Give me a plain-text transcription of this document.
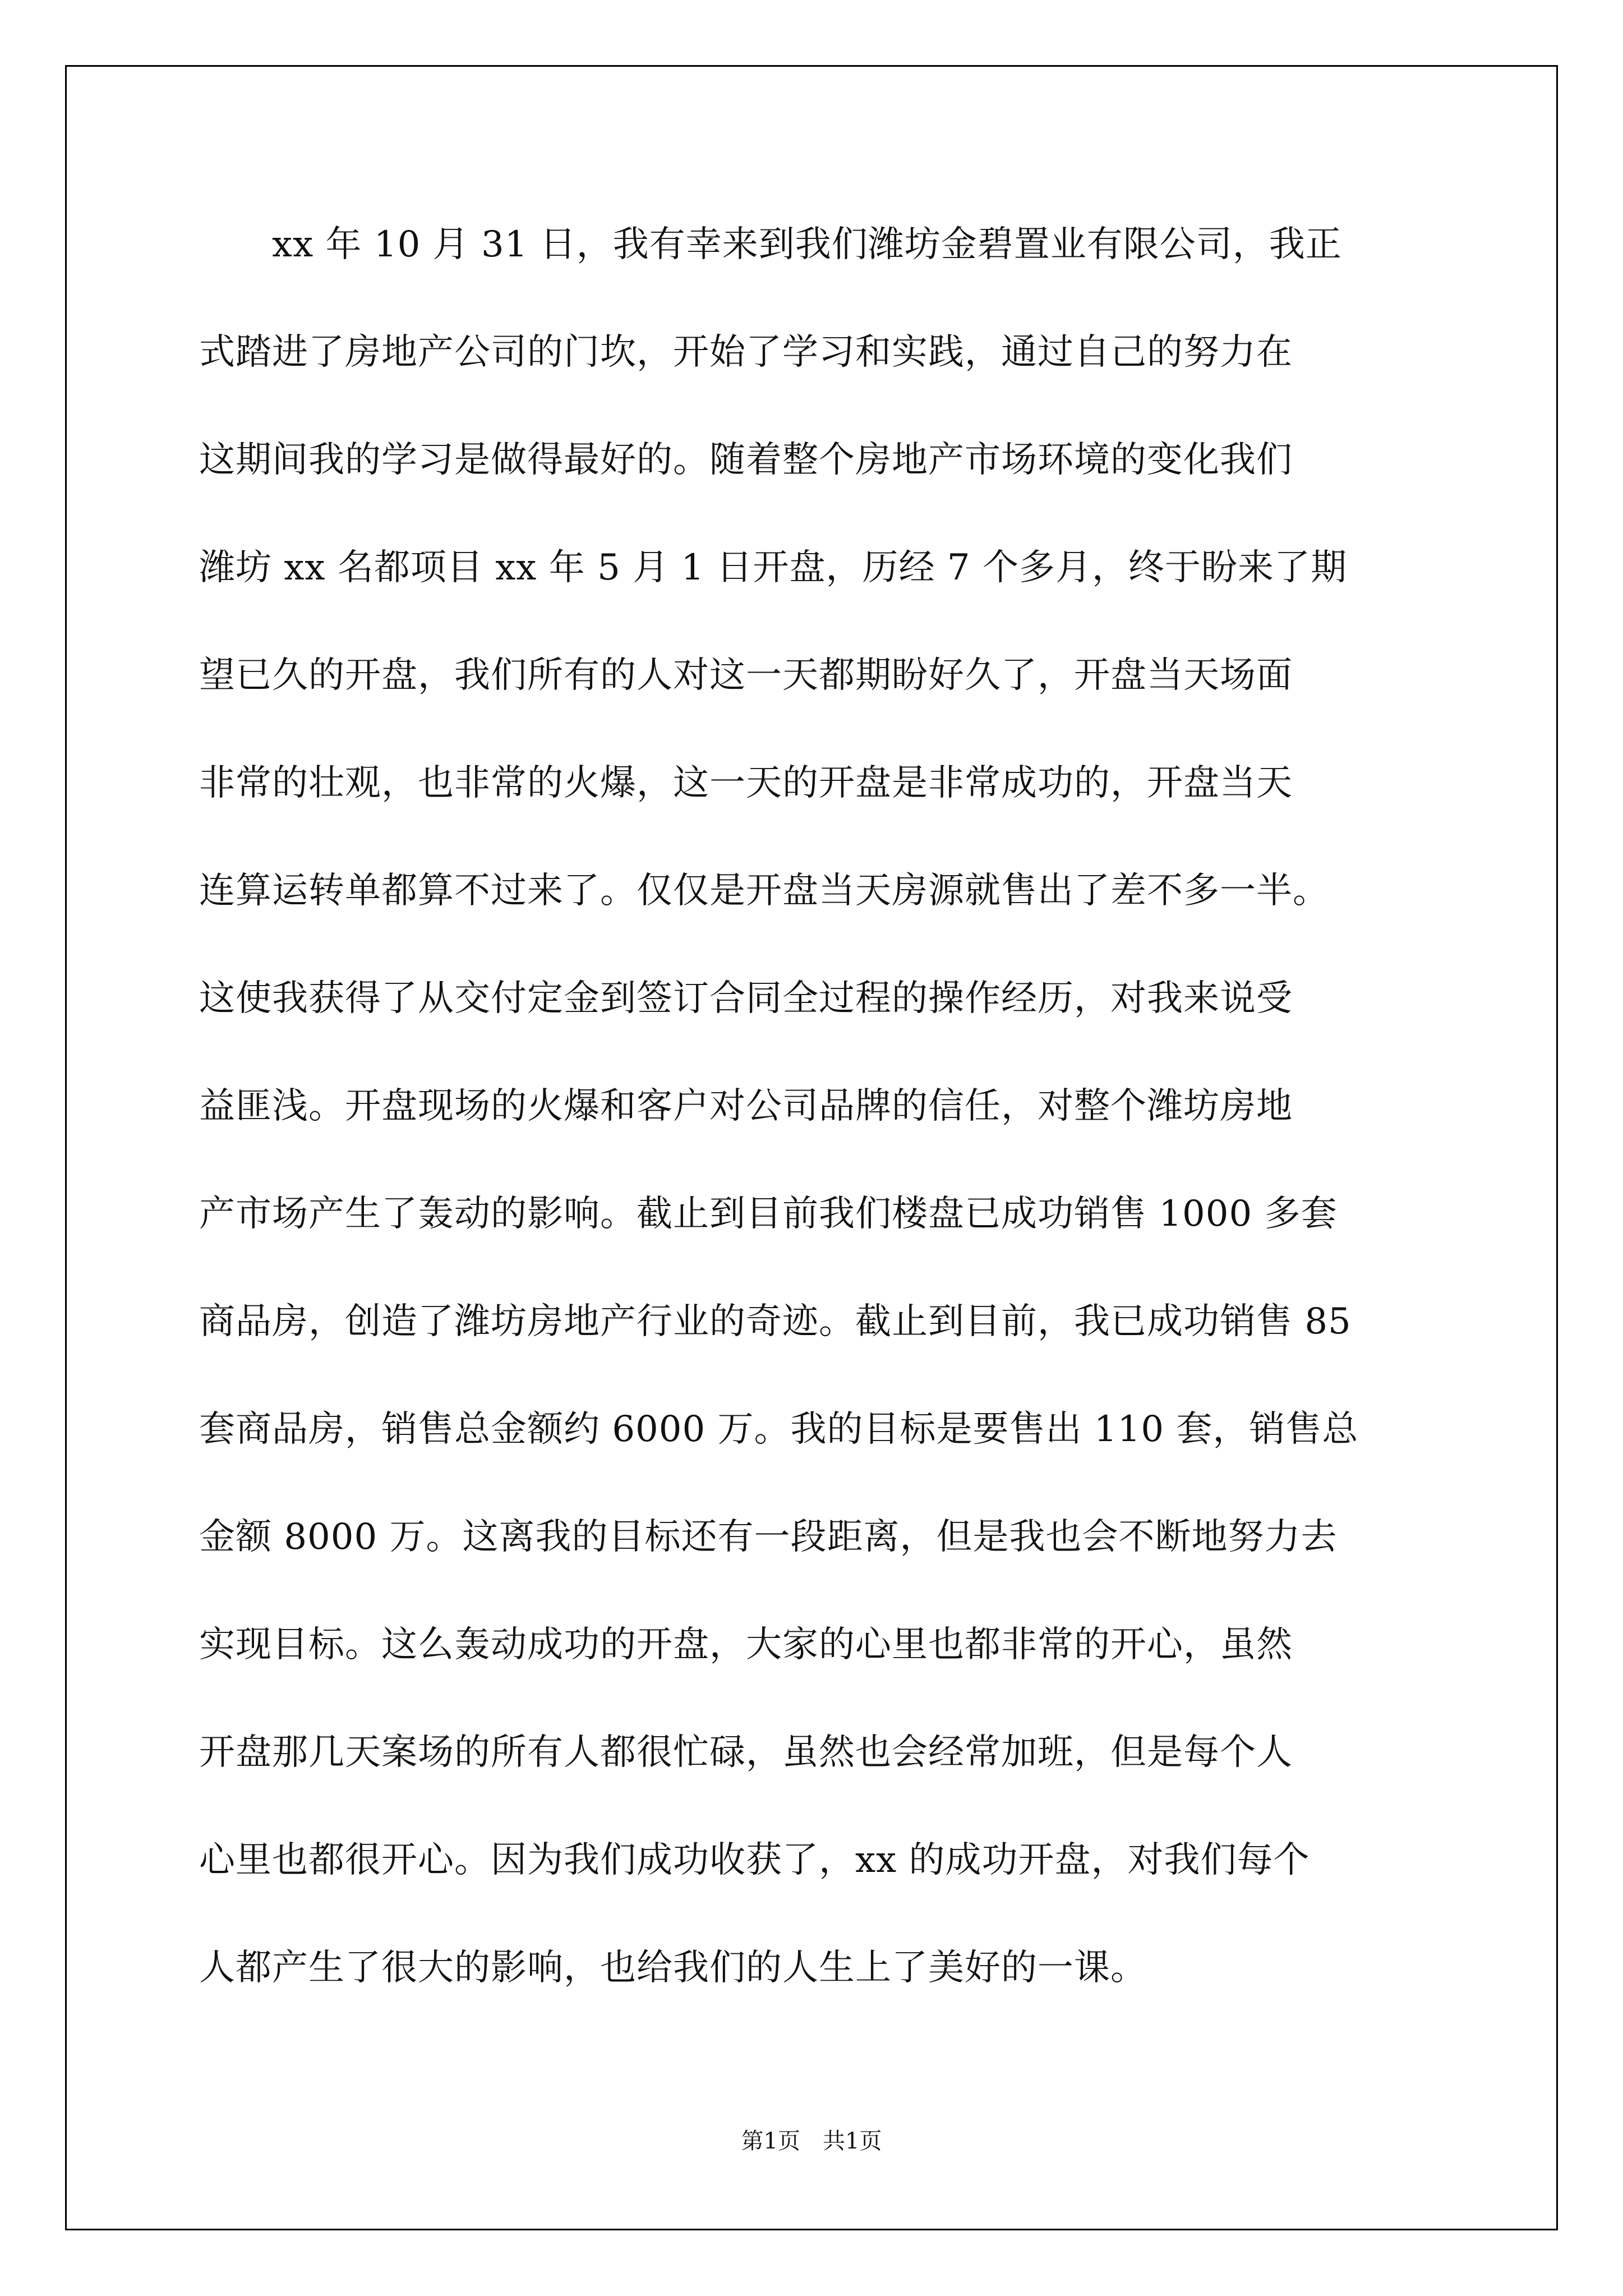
　　xx 年 10 月 31 日，我有幸来到我们潍坊金碧置业有限公司，我正
式踏进了房地产公司的门坎，开始了学习和实践，通过自己的努力在
这期间我的学习是做得最好的。随着整个房地产市场环境的变化我们
潍坊 xx 名都项目 xx 年 5 月 1 日开盘，历经 7 个多月，终于盼来了期
望已久的开盘，我们所有的人对这一天都期盼好久了，开盘当天场面
非常的壮观，也非常的火爆，这一天的开盘是非常成功的，开盘当天
连算运转单都算不过来了。仅仅是开盘当天房源就售出了差不多一半。
这使我获得了从交付定金到签订合同全过程的操作经历，对我来说受
益匪浅。开盘现场的火爆和客户对公司品牌的信任，对整个潍坊房地
产市场产生了轰动的影响。截止到目前我们楼盘已成功销售 1000 多套
商品房，创造了潍坊房地产行业的奇迹。截止到目前，我已成功销售 85
套商品房，销售总金额约 6000 万。我的目标是要售出 110 套，销售总
金额 8000 万。这离我的目标还有一段距离，但是我也会不断地努力去
实现目标。这么轰动成功的开盘，大家的心里也都非常的开心，虽然
开盘那几天案场的所有人都很忙碌，虽然也会经常加班，但是每个人
心里也都很开心。因为我们成功收获了，xx 的成功开盘，对我们每个
人都产生了很大的影响，也给我们的人生上了美好的一课。
第1页　共1页
